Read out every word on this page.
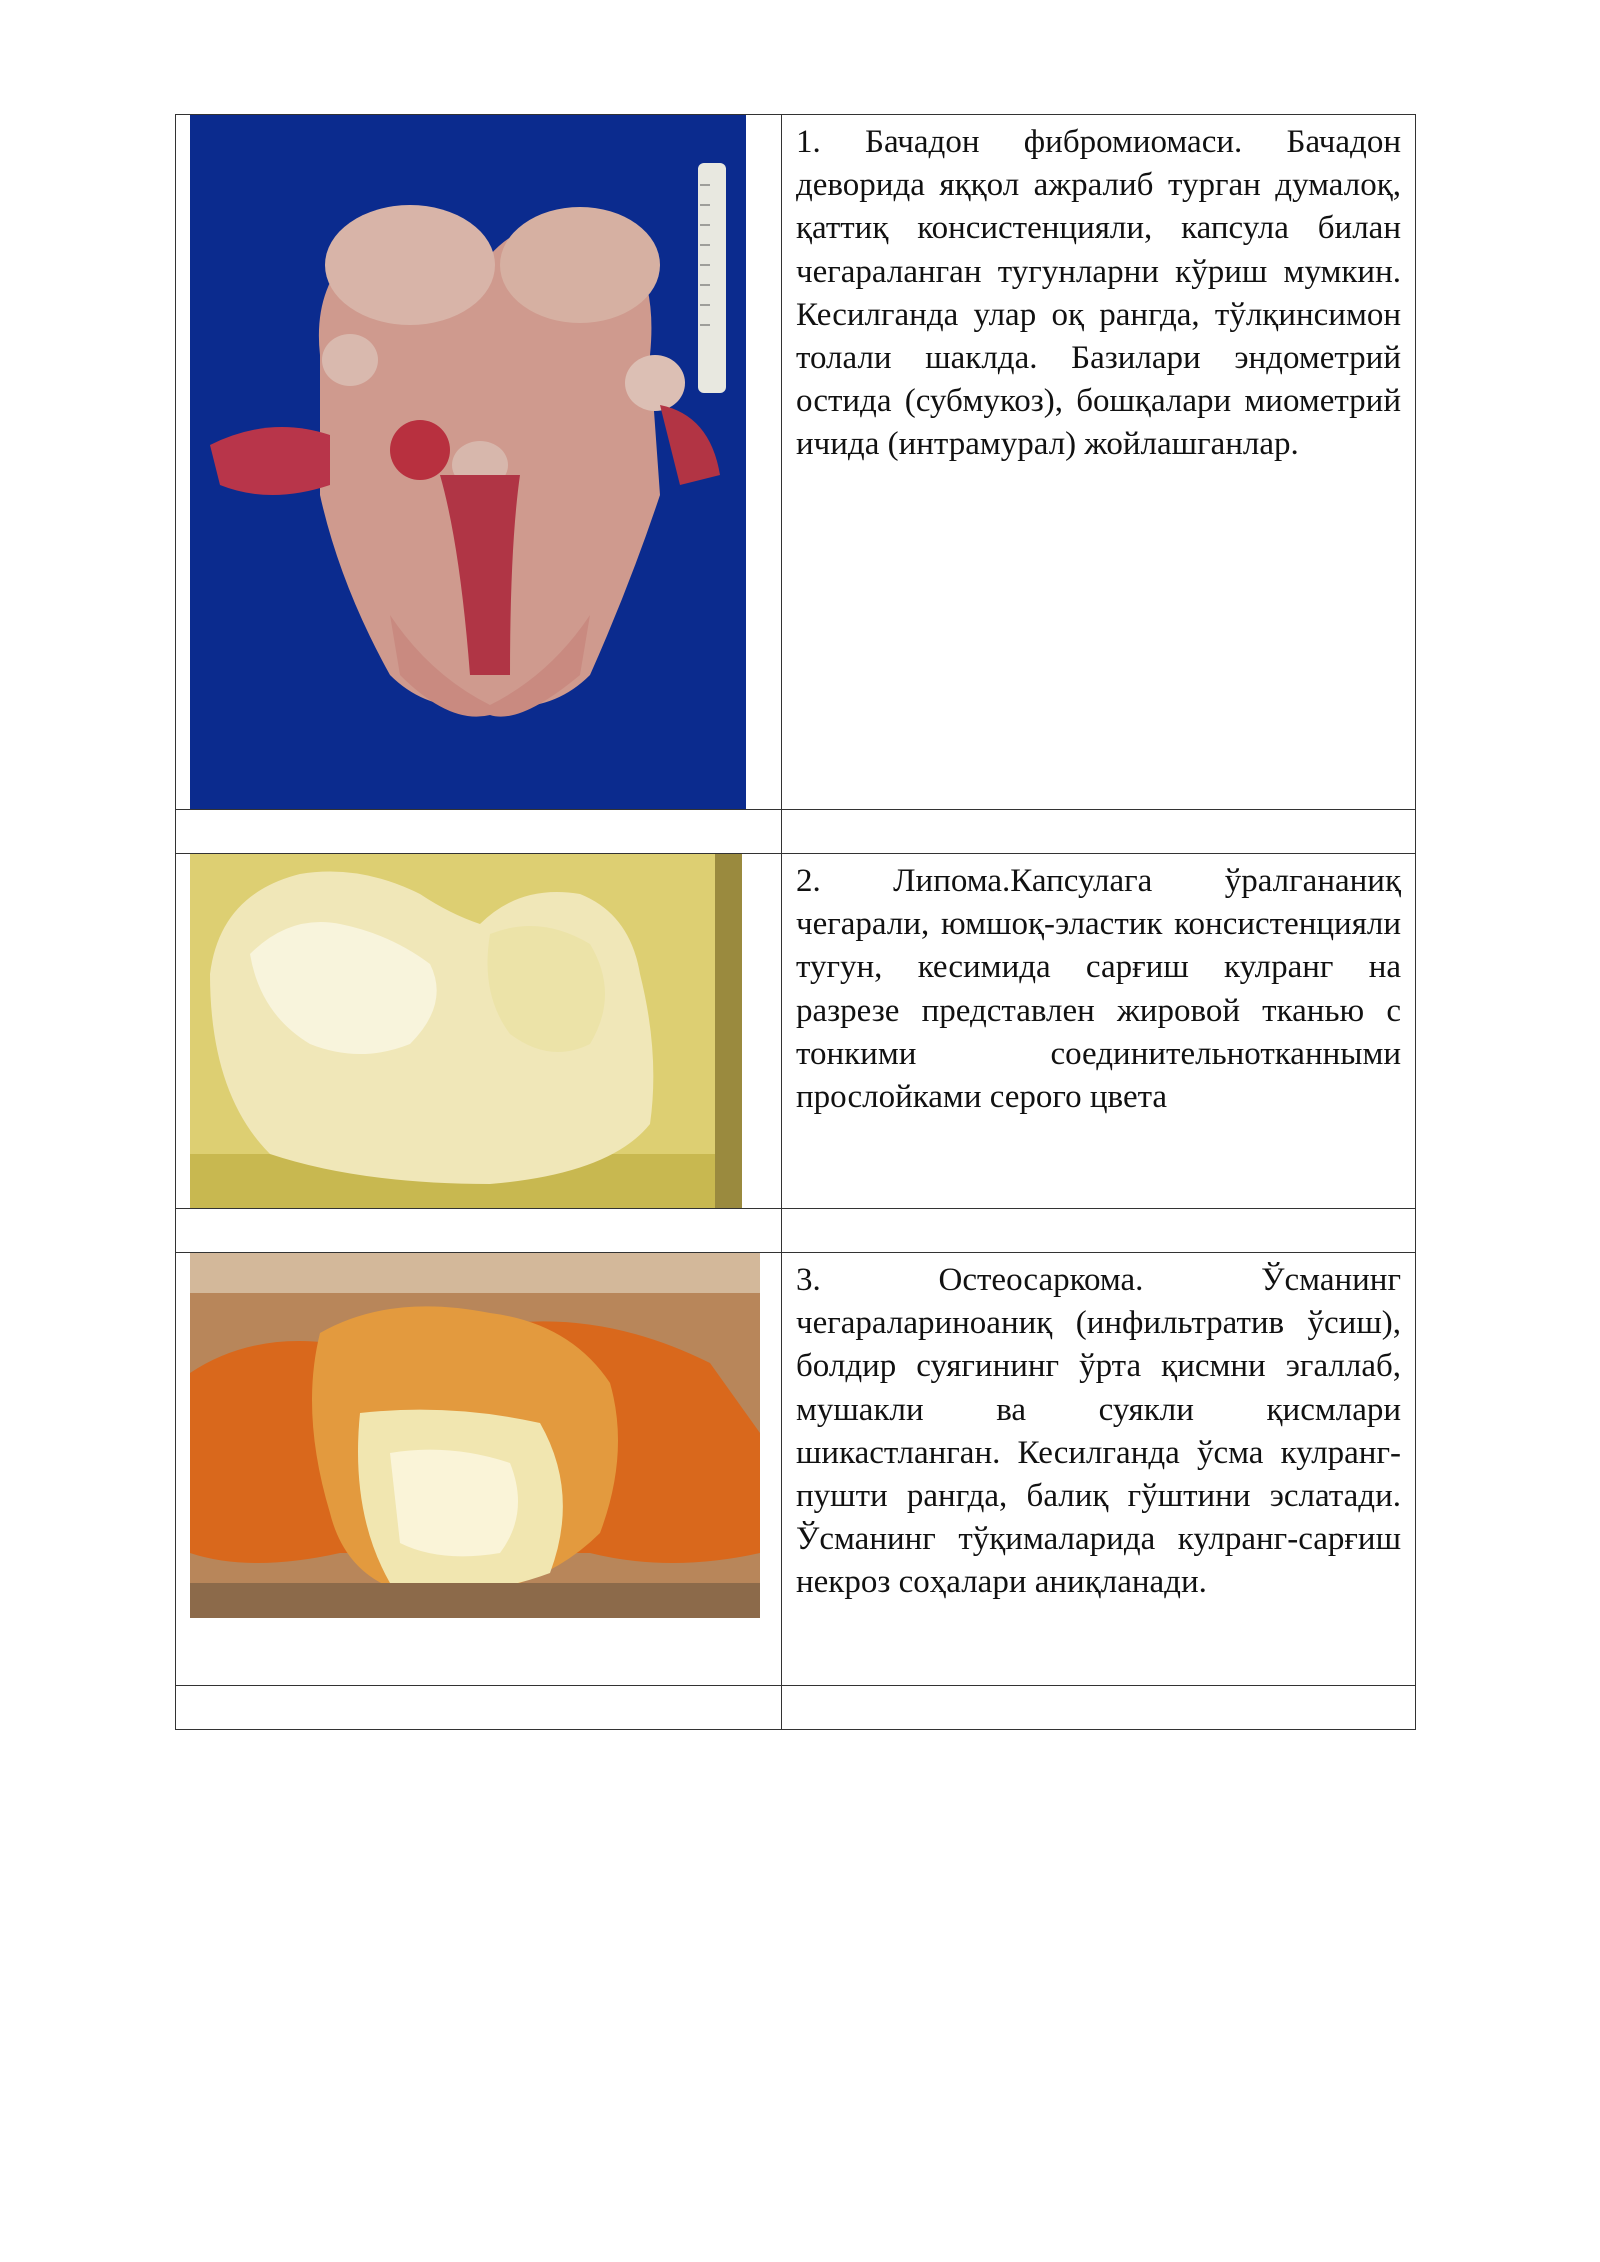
1. Бачадон фибромиомаси. Бачадон деворида яққол ажралиб турган думалоқ, қаттиқ консистенцияли, капсула билан чегараланган тугунларни кўриш мумкин. Кесилганда улар оқ рангда, тўлқинсимон толали шаклда. Базилари эндометрий остида (субмукоз), бошқалари миометрий ичида (интрамурал) жойлашганлар.

2. Липома.Капсулага ўралгананиқ чегарали, юмшоқ-эластик консистенцияли тугун, кесимида сарғиш кулранг на разрезе представлен жировой тканью с тонкими соединительнотканными прослойками серого цвета

3. Остеосаркома. Ўсманинг чегараларинoаниқ (инфильтратив ўсиш), болдир суягининг ўрта қисмни эгаллаб, мушакли ва суякли қисмлари шикастланган. Кесилганда ўсма кулранг-пушти рангда, балиқ гўштини эслатади. Ўсманинг тўқималарида кулранг-сарғиш некроз соҳалари аниқланади.
